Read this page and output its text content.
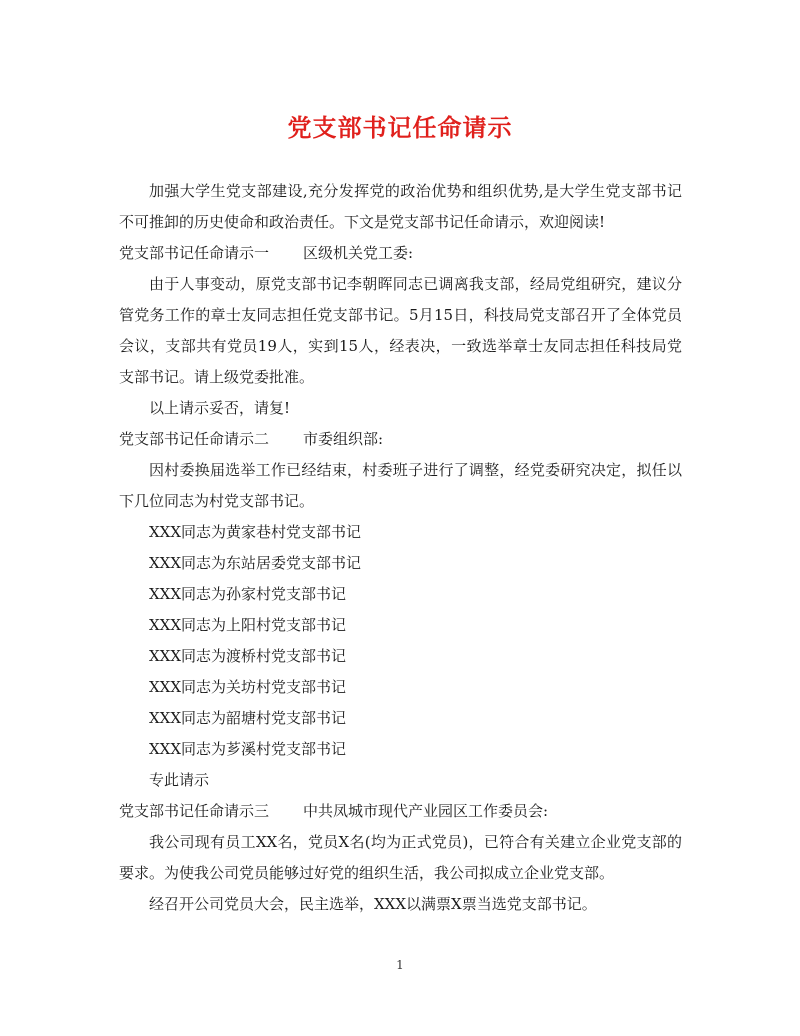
党支部书记任命请示

加强大学生党支部建设,充分发挥党的政治优势和组织优势,是大学生党支部书记不可推卸的历史使命和政治责任。下文是党支部书记任命请示，欢迎阅读!

党支部书记任命请示一 区级机关党工委:

由于人事变动，原党支部书记李朝晖同志已调离我支部，经局党组研究，建议分管党务工作的章士友同志担任党支部书记。5月15日，科技局党支部召开了全体党员会议，支部共有党员19人，实到15人，经表决，一致选举章士友同志担任科技局党支部书记。请上级党委批准。

以上请示妥否，请复!

党支部书记任命请示二 市委组织部:

因村委换届选举工作已经结束，村委班子进行了调整，经党委研究决定，拟任以下几位同志为村党支部书记。

XXX同志为黄家巷村党支部书记

XXX同志为东站居委党支部书记

XXX同志为孙家村党支部书记

XXX同志为上阳村党支部书记

XXX同志为渡桥村党支部书记

XXX同志为关坊村党支部书记

XXX同志为韶塘村党支部书记

XXX同志为芗溪村党支部书记

专此请示

党支部书记任命请示三 中共凤城市现代产业园区工作委员会:

我公司现有员工XX名，党员X名(均为正式党员)，已符合有关建立企业党支部的要求。为使我公司党员能够过好党的组织生活，我公司拟成立企业党支部。

经召开公司党员大会，民主选举，XXX以满票X票当选党支部书记。

1
